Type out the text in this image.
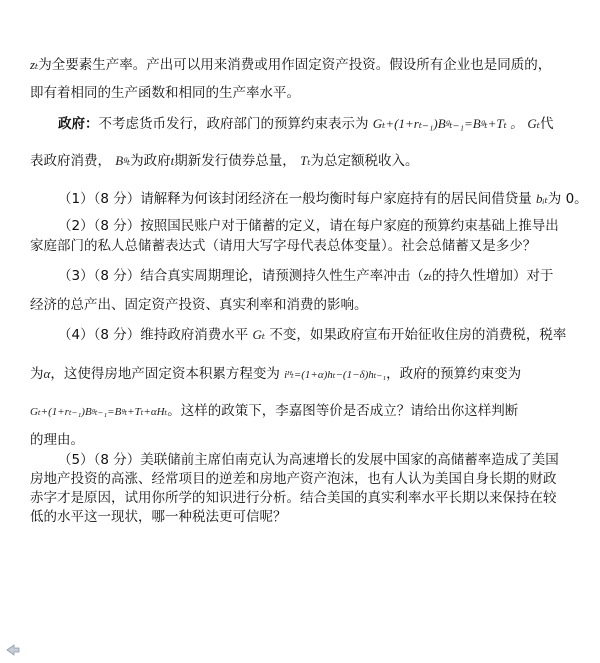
zₜ为全要素生产率。产出可以用来消费或用作固定资产投资。假设所有企业也是同质的，
即有着相同的生产函数和相同的生产率水平。
政府：不考虑货币发行，政府部门的预算约束表示为 Gₜ+(1+rₜ₋₁)Bᵍₜ₋₁=Bᵍₜ+Tₜ 。 Gₜ代
表政府消费， Bᵍₜ为政府t期新发行债券总量， Tₜ为总定额税收入。
（1）（8 分）请解释为何该封闭经济在一般均衡时每户家庭持有的居民间借贷量 bᵢₜ为 0。
（2）（8 分）按照国民账户对于储蓄的定义，请在每户家庭的预算约束基础上推导出
家庭部门的私人总储蓄表达式（请用大写字母代表总体变量）。社会总储蓄又是多少？
（3）（8 分）结合真实周期理论，请预测持久性生产率冲击（zₜ的持久性增加）对于
经济的总产出、固定资产投资、真实利率和消费的影响。
（4）（8 分）维持政府消费水平 Gₜ 不变，如果政府宣布开始征收住房的消费税，税率
为α，这使得房地产固定资本积累方程变为 iᴴₜ=(1+α)hₜ−(1−δ)hₜ₋₁，政府的预算约束变为
Gₜ+(1+rₜ₋₁)Bᵍₜ₋₁=Bᵍₜ+Tₜ+αHₜ。这样的政策下，李嘉图等价是否成立？请给出你这样判断
的理由。
（5）（8 分）美联储前主席伯南克认为高速增长的发展中国家的高储蓄率造成了美国
房地产投资的高涨、经常项目的逆差和房地产资产泡沫，也有人认为美国自身长期的财政
赤字才是原因，试用你所学的知识进行分析。结合美国的真实利率水平长期以来保持在较
低的水平这一现状，哪一种税法更可信呢？
